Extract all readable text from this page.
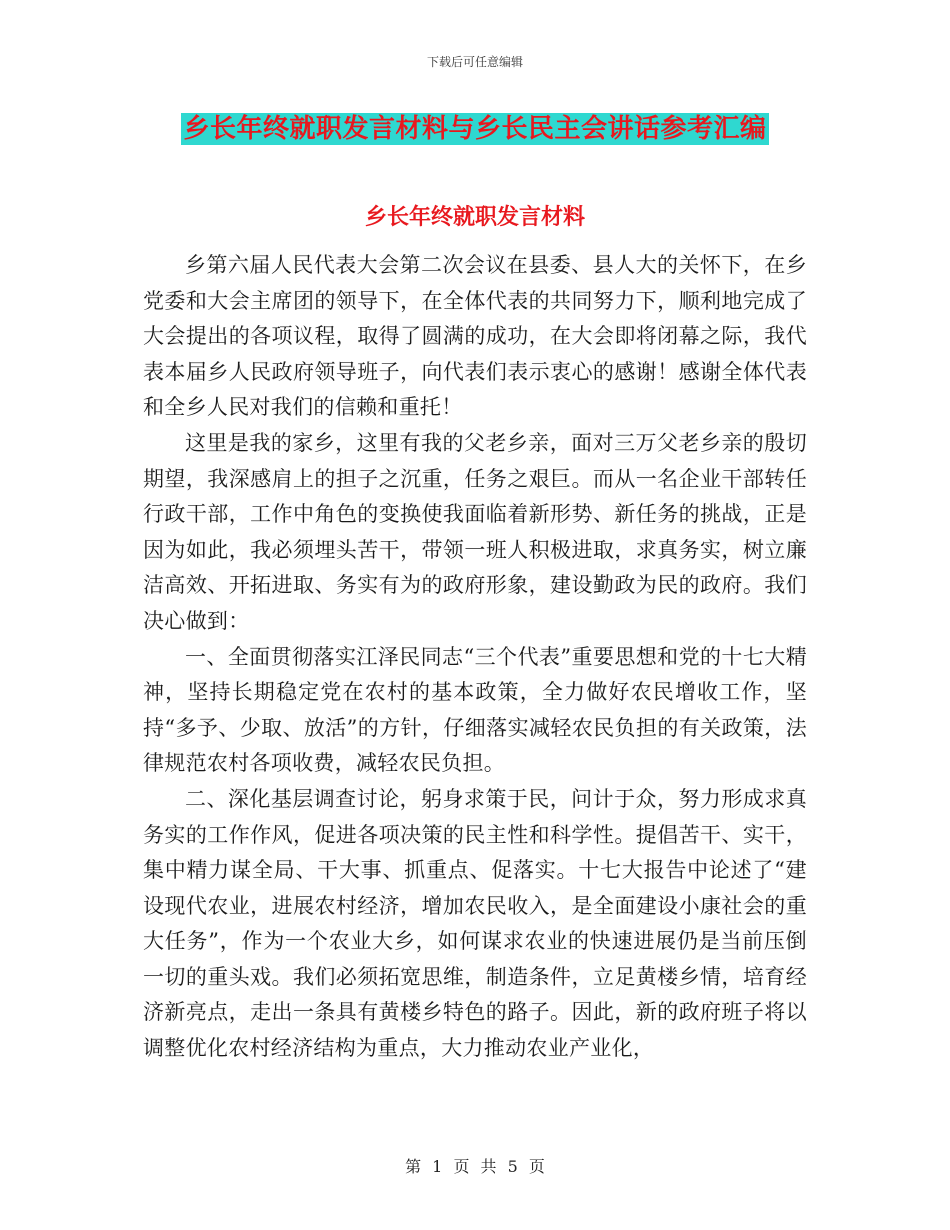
下载后可任意编辑
乡长年终就职发言材料与乡长民主会讲话参考汇编
乡长年终就职发言材料

乡第六届人民代表大会第二次会议在县委、县人大的关怀下，在乡党委和大会主席团的领导下，在全体代表的共同努力下，顺利地完成了大会提出的各项议程，取得了圆满的成功，在大会即将闭幕之际，我代表本届乡人民政府领导班子，向代表们表示衷心的感谢！感谢全体代表和全乡人民对我们的信赖和重托！

这里是我的家乡，这里有我的父老乡亲，面对三万父老乡亲的殷切期望，我深感肩上的担子之沉重，任务之艰巨。而从一名企业干部转任行政干部，工作中角色的变换使我面临着新形势、新任务的挑战，正是因为如此，我必须埋头苦干，带领一班人积极进取，求真务实，树立廉洁高效、开拓进取、务实有为的政府形象，建设勤政为民的政府。我们决心做到：

一、全面贯彻落实江泽民同志“三个代表”重要思想和党的十七大精神，坚持长期稳定党在农村的基本政策，全力做好农民增收工作，坚持“多予、少取、放活”的方针，仔细落实减轻农民负担的有关政策，法律规范农村各项收费，减轻农民负担。

二、深化基层调查讨论，躬身求策于民，问计于众，努力形成求真务实的工作作风，促进各项决策的民主性和科学性。提倡苦干、实干，集中精力谋全局、干大事、抓重点、促落实。十七大报告中论述了“建设现代农业，进展农村经济，增加农民收入，是全面建设小康社会的重大任务”，作为一个农业大乡，如何谋求农业的快速进展仍是当前压倒一切的重头戏。我们必须拓宽思维，制造条件，立足黄楼乡情，培育经济新亮点，走出一条具有黄楼乡特色的路子。因此，新的政府班子将以调整优化农村经济结构为重点，大力推动农业产业化，

第 1 页 共 5 页
